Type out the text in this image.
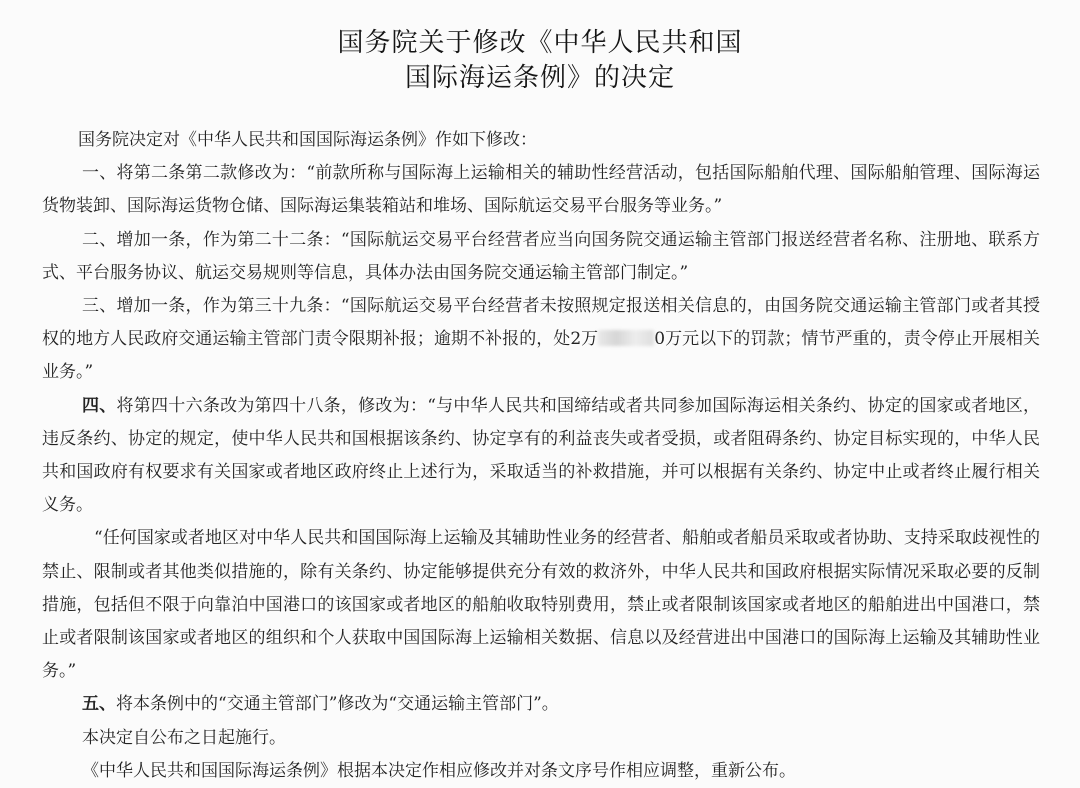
国务院关于修改《中华人民共和国
国际海运条例》的决定

国务院决定对《中华人民共和国国际海运条例》作如下修改：

一、将第二条第二款修改为：“前款所称与国际海上运输相关的辅助性经营活动，包括国际船舶代理、国际船舶管理、国际海运货物装卸、国际海运货物仓储、国际海运集装箱站和堆场、国际航运交易平台服务等业务。”

二、增加一条，作为第二十二条：“国际航运交易平台经营者应当向国务院交通运输主管部门报送经营者名称、注册地、联系方式、平台服务协议、航运交易规则等信息，具体办法由国务院交通运输主管部门制定。”

三、增加一条，作为第三十九条：“国际航运交易平台经营者未按照规定报送相关信息的，由国务院交通运输主管部门或者其授权的地方人民政府交通运输主管部门责令限期补报；逾期不补报的，处2万	0万元以下的罚款；情节严重的，责令停止开展相关业务。”

四、将第四十六条改为第四十八条，修改为：“与中华人民共和国缔结或者共同参加国际海运相关条约、协定的国家或者地区，违反条约、协定的规定，使中华人民共和国根据该条约、协定享有的利益丧失或者受损，或者阻碍条约、协定目标实现的，中华人民共和国政府有权要求有关国家或者地区政府终止上述行为，采取适当的补救措施，并可以根据有关条约、协定中止或者终止履行相关义务。

“任何国家或者地区对中华人民共和国国际海上运输及其辅助性业务的经营者、船舶或者船员采取或者协助、支持采取歧视性的禁止、限制或者其他类似措施的，除有关条约、协定能够提供充分有效的救济外，中华人民共和国政府根据实际情况采取必要的反制措施，包括但不限于向靠泊中国港口的该国家或者地区的船舶收取特别费用，禁止或者限制该国家或者地区的船舶进出中国港口，禁止或者限制该国家或者地区的组织和个人获取中国国际海上运输相关数据、信息以及经营进出中国港口的国际海上运输及其辅助性业务。”

五、将本条例中的“交通主管部门”修改为“交通运输主管部门”。

本决定自公布之日起施行。

《中华人民共和国国际海运条例》根据本决定作相应修改并对条文序号作相应调整，重新公布。
